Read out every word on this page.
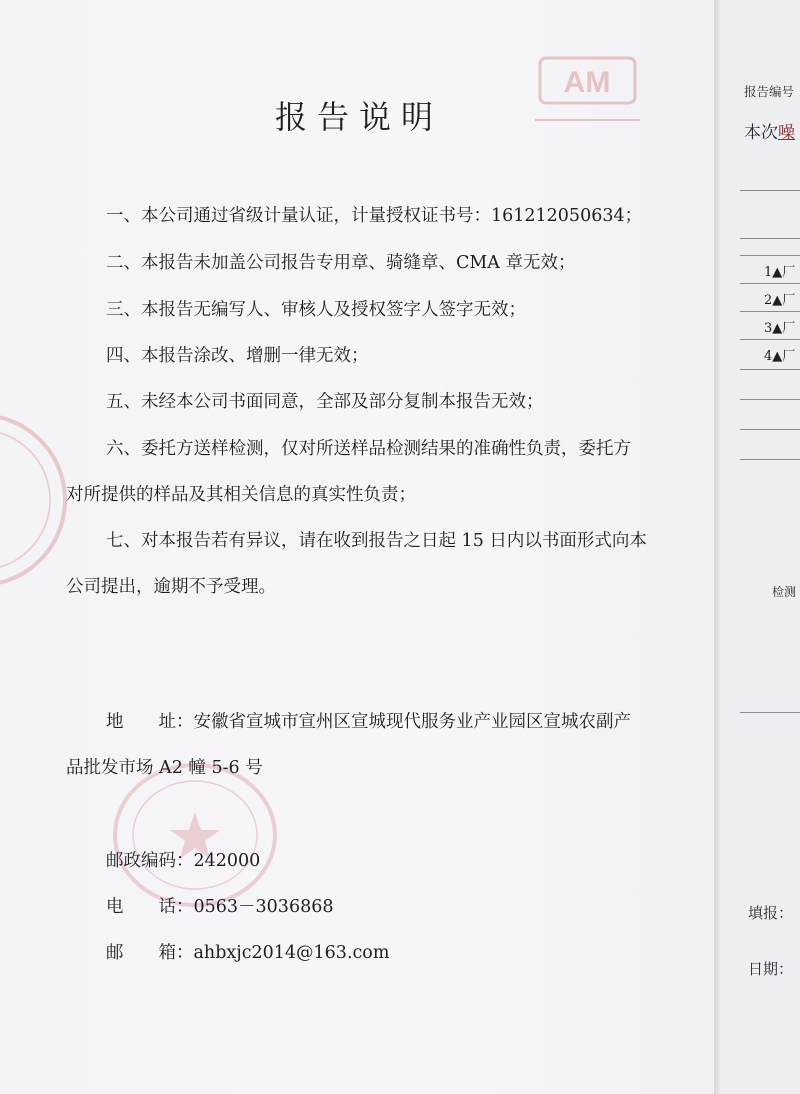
AM
报告说明
一、本公司通过省级计量认证，计量授权证书号：161212050634；
二、本报告未加盖公司报告专用章、骑缝章、CMA 章无效；
三、本报告无编写人、审核人及授权签字人签字无效；
四、本报告涂改、增删一律无效；
五、未经本公司书面同意，全部及部分复制本报告无效；
六、委托方送样检测，仅对所送样品检测结果的准确性负责，委托方
对所提供的样品及其相关信息的真实性负责；
七、对本报告若有异议，请在收到报告之日起 15 日内以书面形式向本
公司提出，逾期不予受理。
地 址：安徽省宣城市宣州区宣城现代服务业产业园区宣城农副产
品批发市场 A2 幢 5-6 号
邮政编码：242000
电 话：0563－3036868
邮 箱：ahbxjc2014@163.com
报告编号
本次噪
1▲厂
2▲厂
3▲厂
4▲厂
检测
填报：
日期：
